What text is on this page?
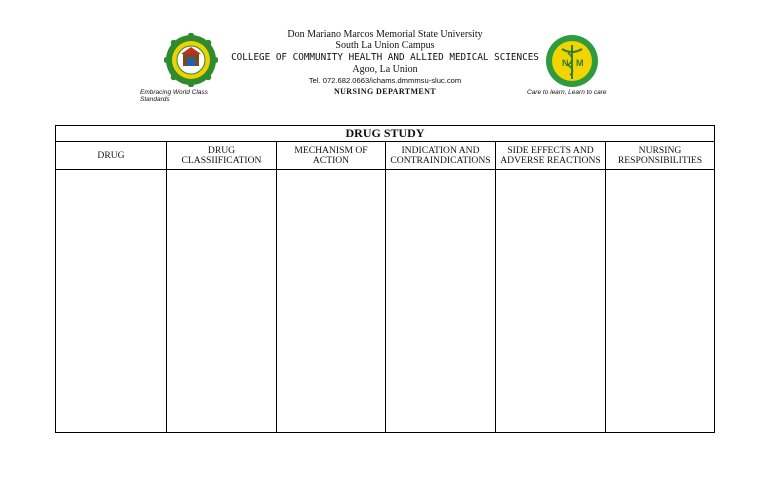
Embracing World Class Standards
Don Mariano Marcos Memorial State University
South La Union Campus
COLLEGE OF COMMUNITY HEALTH AND ALLIED MEDICAL SCIENCES
Agoo, La Union
Tel. 072.682.0663/ichams.dmmmsu-sluc.com
NURSING DEPARTMENT
N M
Care to learn, Learn to care
DRUG STUDY
DRUG	DRUG
CLASSIIFICATION
MECHANISM OF
ACTION
INDICATION AND
CONTRAINDICATIONS
SIDE EFFECTS AND
ADVERSE REACTIONS
NURSING
RESPONSIBILITIES
